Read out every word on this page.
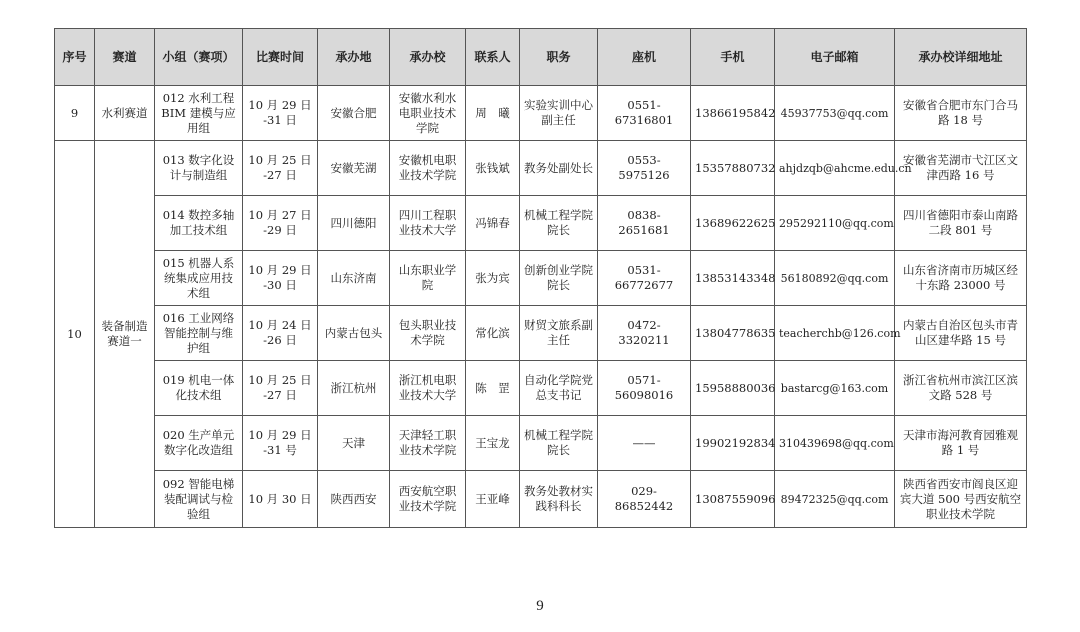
序号	赛道	小组（赛项）	比赛时间	承办地	承办校	联系人	职务	座机	手机	电子邮箱	承办校详细地址
9	水利赛道	012 水利工程 BIM 建模与应用组	10 月 29 日 -31 日	安徽合肥	安徽水利水电职业技术学院	周　曦	实验实训中心副主任	0551-67316801	13866195842	45937753@qq.com	安徽省合肥市东门合马路 18 号
10	装备制造赛道一	013 数字化设计与制造组	10 月 25 日 -27 日	安徽芜湖	安徽机电职业技术学院	张钱斌	教务处副处长	0553-5975126	15357880732	ahjdzqb@ahcme.edu.cn	安徽省芜湖市弋江区文津西路 16 号
		014 数控多轴加工技术组	10 月 27 日 -29 日	四川德阳	四川工程职业技术大学	冯锦春	机械工程学院院长	0838-2651681	13689622625	295292110@qq.com	四川省德阳市泰山南路二段 801 号
		015 机器人系统集成应用技术组	10 月 29 日 -30 日	山东济南	山东职业学院	张为宾	创新创业学院院长	0531-66772677	13853143348	56180892@qq.com	山东省济南市历城区经十东路 23000 号
		016 工业网络智能控制与维护组	10 月 24 日 -26 日	内蒙古包头	包头职业技术学院	常化滨	财贸文旅系副主任	0472-3320211	13804778635	teacherchb@126.com	内蒙古自治区包头市青山区建华路 15 号
		019 机电一体化技术组	10 月 25 日 -27 日	浙江杭州	浙江机电职业技术大学	陈　罡	自动化学院党总支书记	0571-56098016	15958880036	bastarcg@163.com	浙江省杭州市滨江区滨文路 528 号
		020 生产单元数字化改造组	10 月 29 日 -31 号	天津	天津轻工职业技术学院	王宝龙	机械工程学院院长	——	19902192834	310439698@qq.com	天津市海河教育园雅观路 1 号
		092 智能电梯装配调试与检验组	10 月 30 日	陕西西安	西安航空职业技术学院	王亚峰	教务处教材实践科科长	029-86852442	13087559096	89472325@qq.com	陕西省西安市阎良区迎宾大道 500 号西安航空职业技术学院
9
